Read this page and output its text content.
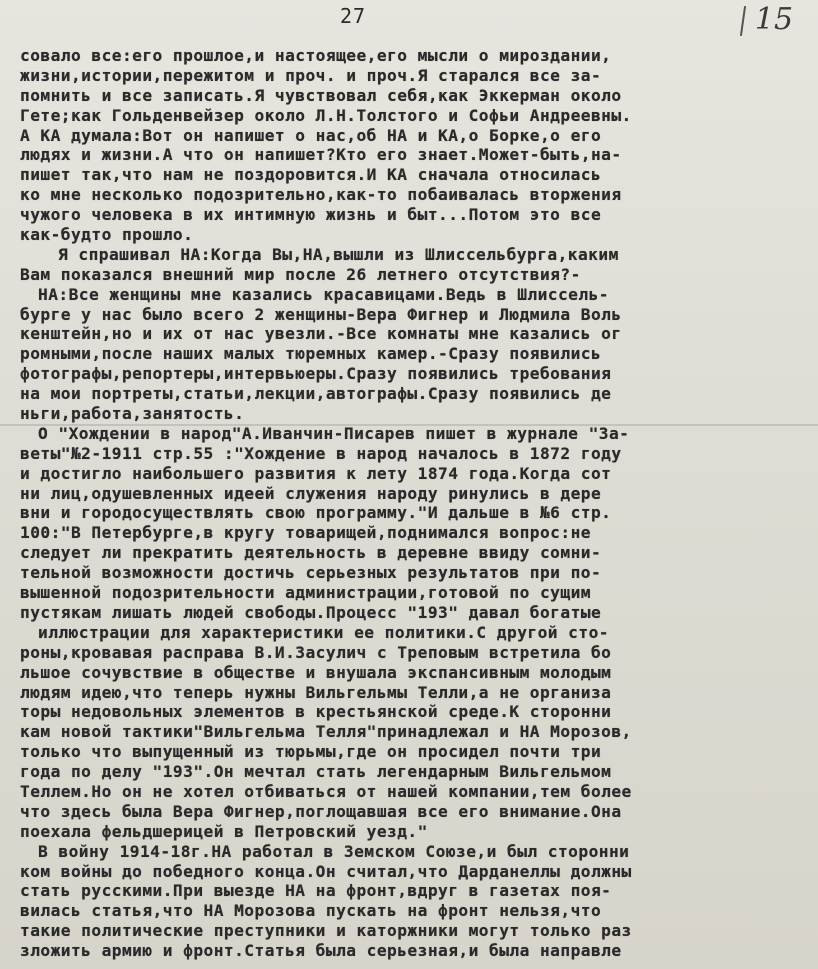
27	15
совало все:его прошлое,и настоящее,его мысли о мироздании,
жизни,истории,пережитом и проч. и проч.Я старался все за-
помнить и все записать.Я чувствовал себя,как Эккерман около
Гете;как Гольденвейзер около Л.Н.Толстого и Софьи Андреевны.
А КА думала:Вот он напишет о нас,об НА и КА,о Борке,о его
людях и жизни.А что он напишет?Кто его знает.Может-быть,на-
пишет так,что нам не поздоровится.И КА сначала относилась
ко мне несколько подозрительно,как-то побаивалась вторжения
чужого человека в их интимную жизнь и быт...Потом это все
как-будто прошло.
Я спрашивал НА:Когда Вы,НА,вышли из Шлиссельбурга,каким
Вам показался внешний мир после 26 летнего отсутствия?-
НА:Все женщины мне казались красавицами.Ведь в Шлиссель-
бурге у нас было всего 2 женщины-Вера Фигнер и Людмила Воль
кенштейн,но и их от нас увезли.-Все комнаты мне казались ог
ромными,после наших малых тюремных камер.-Сразу появились
фотографы,репортеры,интервьюеры.Сразу появились требования
на мои портреты,статьи,лекции,автографы.Сразу появились де
ньги,работа,занятость.
О "Хождении в народ"А.Иванчин-Писарев пишет в журнале "За-
веты"№2-1911 стр.55 :"Хождение в народ началось в 1872 году
и достигло наибольшего развития к лету 1874 года.Когда сот
ни лиц,одушевленных идеей служения народу ринулись в дере
вни и городосуществлять свою программу."И дальше в №6 стр.
100:"В Петербурге,в кругу товарищей,поднимался вопрос:не
следует ли прекратить деятельность в деревне ввиду сомни-
тельной возможности достичь серьезных результатов при по-
вышенной подозрительности администрации,готовой по сущим
пустякам лишать людей свободы.Процесс "193" давал богатые
иллюстрации для характеристики ее политики.С другой сто-
роны,кровавая расправа В.И.Засулич с Треповым встретила бо
льшое сочувствие в обществе и внушала экспансивным молодым
людям идею,что теперь нужны Вильгельмы Телли,а не организа
торы недовольных элементов в крестьянской среде.К сторонни
кам новой тактики"Вильгельма Телля"принадлежал и НА Морозов,
только что выпущенный из тюрьмы,где он просидел почти три
года по делу "193".Он мечтал стать легендарным Вильгельмом
Теллем.Но он не хотел отбиваться от нашей компании,тем более
что здесь была Вера Фигнер,поглощавшая все его внимание.Она
поехала фельдшерицей в Петровский уезд."
В войну 1914-18г.НА работал в Земском Союзе,и был сторонни
ком войны до победного конца.Он считал,что Дарданеллы должны
стать русскими.При выезде НА на фронт,вдруг в газетах поя-
вилась статья,что НА Морозова пускать на фронт нельзя,что
такие политические преступники и каторжники могут только раз
зложить армию и фронт.Статья была серьезная,и была направле
